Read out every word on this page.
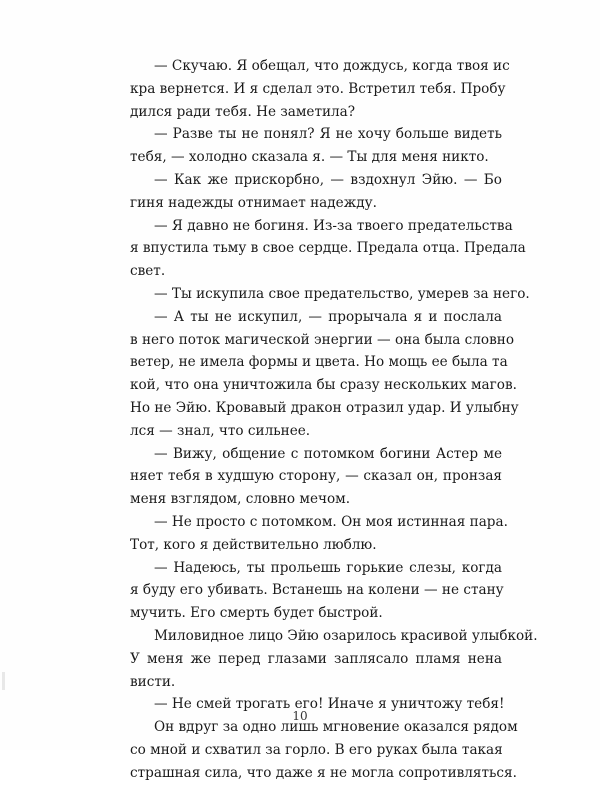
— Скучаю. Я обещал, что дождусь, когда твоя ис
кра вернется. И я сделал это. Встретил тебя. Пробу
дился ради тебя. Не заметила?
— Разве ты не понял? Я не хочу больше видеть
тебя, — холодно сказала я. — Ты для меня никто.
— Как же прискорбно, — вздохнул Эйю. — Бо
гиня надежды отнимает надежду.
— Я давно не богиня. Из-за твоего предательства
я впустила тьму в свое сердце. Предала отца. Предала
свет.
— Ты искупила свое предательство, умерев за него.
— А ты не искупил, — прорычала я и послала
в него поток магической энергии — она была словно
ветер, не имела формы и цвета. Но мощь ее была та
кой, что она уничтожила бы сразу нескольких магов.
Но не Эйю. Кровавый дракон отразил удар. И улыбну
лся — знал, что сильнее.
— Вижу, общение с потомком богини Астер ме
няет тебя в худшую сторону, — сказал он, пронзая
меня взглядом, словно мечом.
— Не просто с потомком. Он моя истинная пара.
Тот, кого я действительно люблю.
— Надеюсь, ты прольешь горькие слезы, когда
я буду его убивать. Встанешь на колени — не стану
мучить. Его смерть будет быстрой.
Миловидное лицо Эйю озарилось красивой улыбкой.
У меня же перед глазами заплясало пламя нена
висти.
— Не смей трогать его! Иначе я уничтожу тебя!
Он вдруг за одно лишь мгновение оказался рядом
со мной и схватил за горло. В его руках была такая
страшная сила, что даже я не могла сопротивляться.
10
